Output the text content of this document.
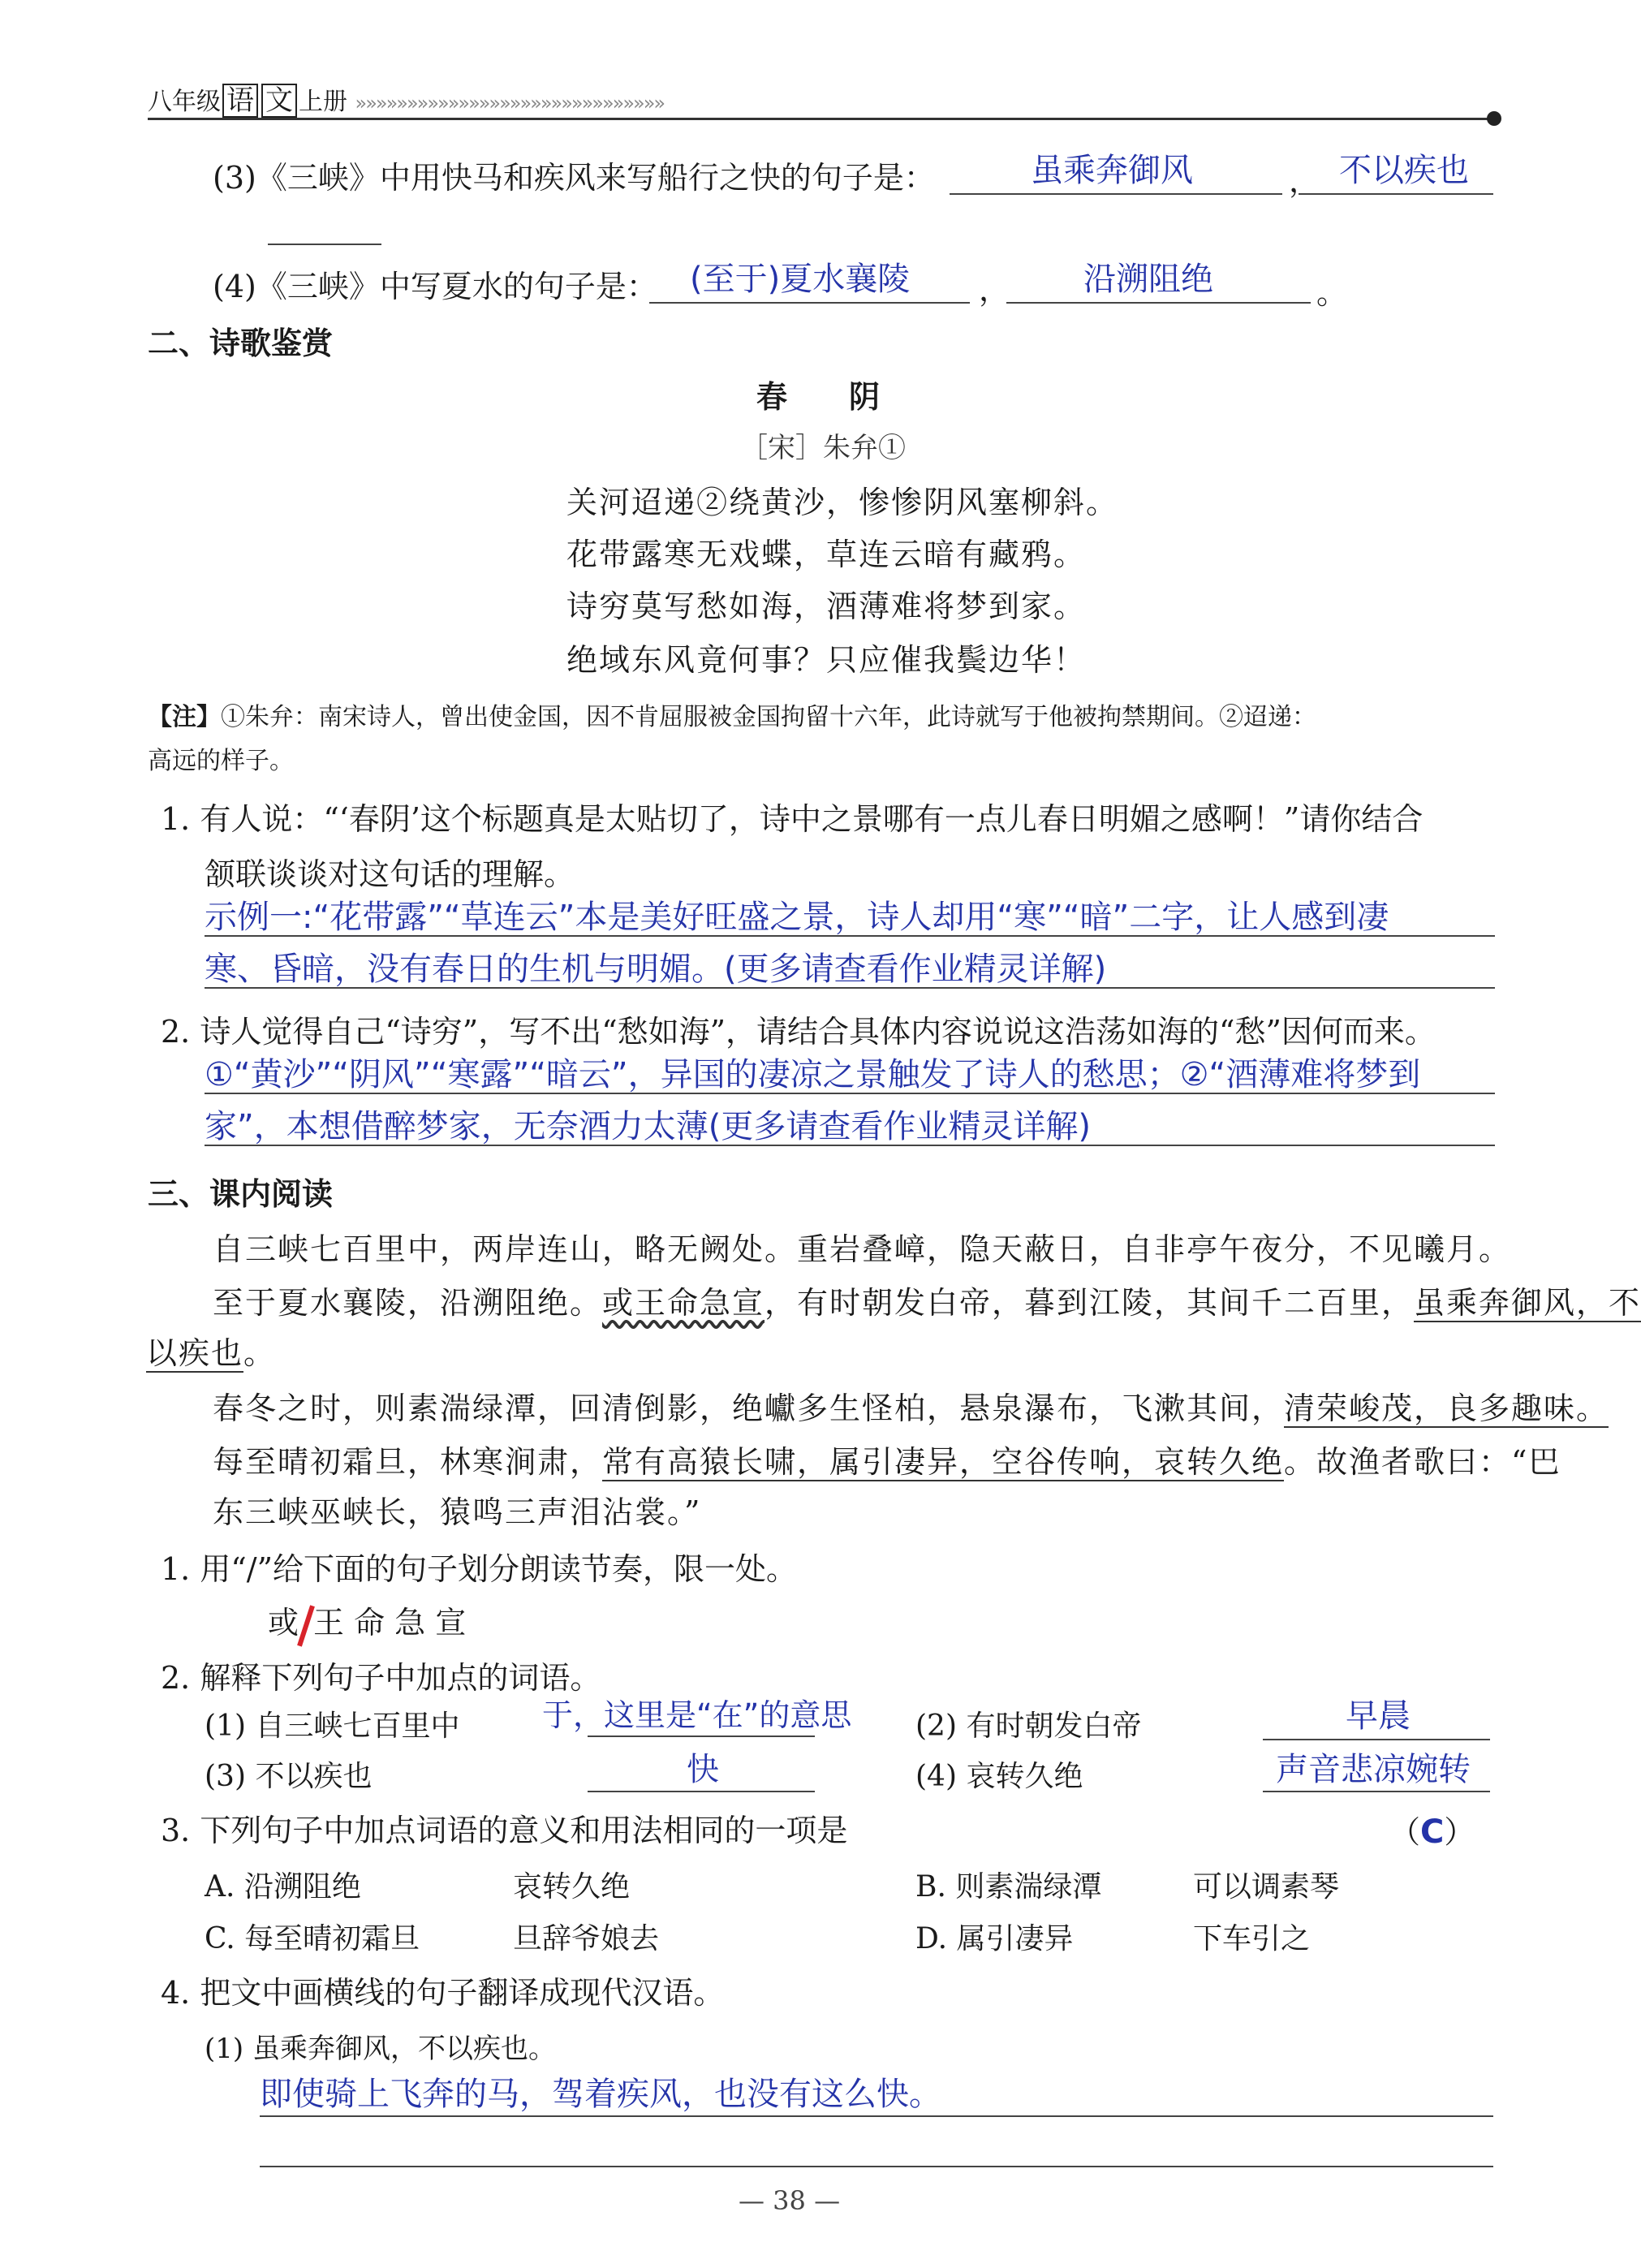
八年级 语 文 上册 »»»»»»»»»»»»»»»»»»»»»»»»»»»»»»
(3)《三峡》中用快马和疾风来写船行之快的句子是：	虽乘奔御风	， 不以疾也
(4)《三峡》中写夏水的句子是： (至于)夏水襄陵 ， 沿溯阻绝	。
二、诗歌鉴赏
春　　阴
［宋］朱弁①
关河迢递②绕黄沙，惨惨阴风塞柳斜。
花带露寒无戏蝶，草连云暗有藏鸦。
诗穷莫写愁如海，酒薄难将梦到家。
绝域东风竟何事？只应催我鬓边华！
【注】①朱弁：南宋诗人，曾出使金国，因不肯屈服被金国拘留十六年，此诗就写于他被拘禁期间。②迢递：
高远的样子。
1. 有人说：“‘春阴’这个标题真是太贴切了，诗中之景哪有一点儿春日明媚之感啊！”请你结合
颔联谈谈对这句话的理解。
示例一:“花带露”“草连云”本是美好旺盛之景，诗人却用“寒”“暗”二字，让人感到凄
寒、昏暗，没有春日的生机与明媚。(更多请查看作业精灵详解)
2. 诗人觉得自己“诗穷”，写不出“愁如海”，请结合具体内容说说这浩荡如海的“愁”因何而来。
①“黄沙”“阴风”“寒露”“暗云”，异国的凄凉之景触发了诗人的愁思；②“酒薄难将梦到
家”，本想借醉梦家，无奈酒力太薄(更多请查看作业精灵详解)
三、课内阅读
自三峡七百里中，两岸连山，略无阙处。重岩叠嶂，隐天蔽日，自非亭午夜分，不见曦月。
至于夏水襄陵，沿溯阻绝。或王命急宣，有时朝发白帝，暮到江陵，其间千二百里，虽乘奔御风，不
以疾也。
春冬之时，则素湍绿潭，回清倒影，绝巘多生怪柏，悬泉瀑布，飞漱其间，清荣峻茂，良多趣味。
每至晴初霜旦，林寒涧肃，常有高猿长啸，属引凄异，空谷传响，哀转久绝。故渔者歌曰：“巴
东三峡巫峡长，猿鸣三声泪沾裳。”
1. 用“/”给下面的句子划分朗读节奏，限一处。
或 王 命 急 宣
2. 解释下列句子中加点的词语。
(1) 自三峡七百里中	于，这里是“在”的意思 (2) 有时朝发白帝	早晨
(3) 不以疾也	快	(4) 哀转久绝	声音悲凉婉转
3. 下列句子中加点词语的意义和用法相同的一项是	（C）
A. 沿溯阻绝	哀转久绝	B. 则素湍绿潭	可以调素琴
C. 每至晴初霜旦	旦辞爷娘去	D. 属引凄异	下车引之
4. 把文中画横线的句子翻译成现代汉语。
(1) 虽乘奔御风，不以疾也。
即使骑上飞奔的马，驾着疾风，也没有这么快。
— 38 —
